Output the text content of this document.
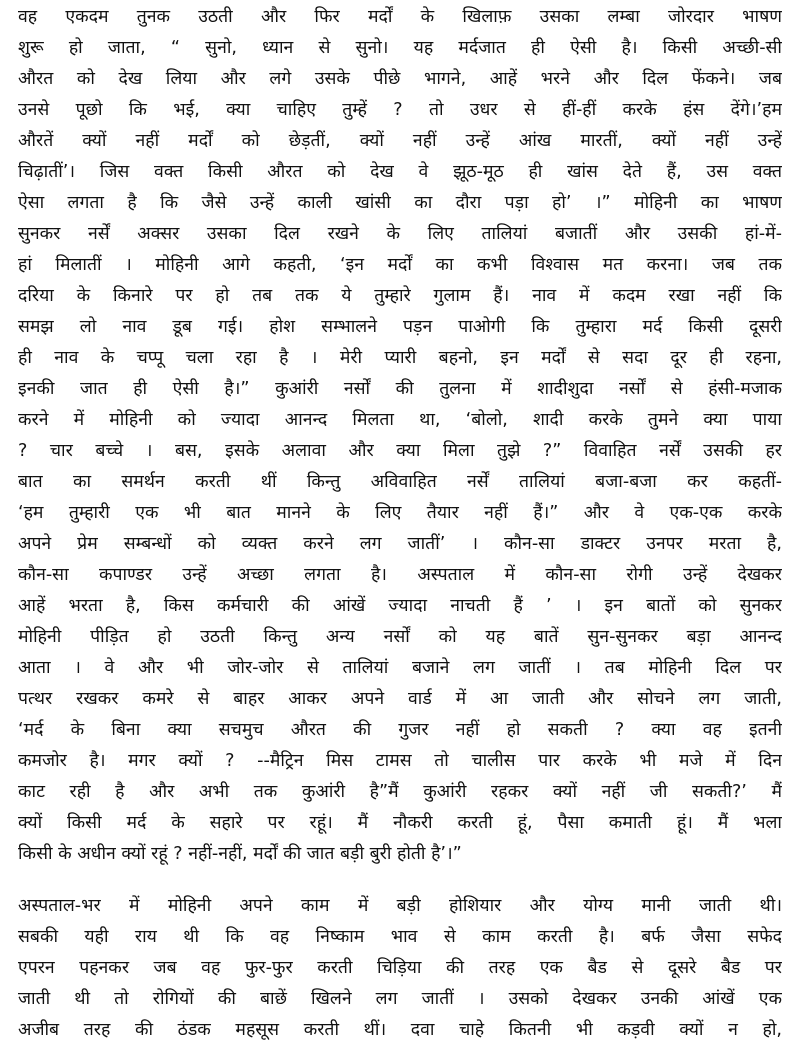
वह एकदम तुनक उठती और फिर मर्दों के खिलाफ़ उसका लम्बा जोरदार भाषण
शुरू हो जाता, “ सुनो, ध्यान से सुनो। यह मर्दजात ही ऐसी है। किसी अच्छी-सी
औरत को देख लिया और लगे उसके पीछे भागने, आहें भरने और दिल फेंकने। जब
उनसे पूछो कि भई, क्या चाहिए तुम्हें ? तो उधर से हीं-हीं करके हंस देंगे।’हम
औरतें क्यों नहीं मर्दों को छेड़तीं, क्यों नहीं उन्हें आंख मारतीं, क्यों नहीं उन्हें
चिढ़ातीं’। जिस वक्त किसी औरत को देख वे झूठ-मूठ ही खांस देते हैं, उस वक्त
ऐसा लगता है कि जैसे उन्हें काली खांसी का दौरा पड़ा हो’ ।” मोहिनी का भाषण
सुनकर नर्सें अक्सर उसका दिल रखने के लिए तालियां बजातीं और उसकी हां-में-
हां मिलातीं । मोहिनी आगे कहती, ‘इन मर्दों का कभी विश्वास मत करना। जब तक
दरिया के किनारे पर हो तब तक ये तुम्हारे गुलाम हैं। नाव में कदम रखा नहीं कि
समझ लो नाव डूब गई। होश सम्भालने पड़न पाओगी कि तुम्हारा मर्द किसी दूसरी
ही नाव के चप्पू चला रहा है । मेरी प्यारी बहनो, इन मर्दों से सदा दूर ही रहना,
इनकी जात ही ऐसी है।” कुआंरी नर्सों की तुलना में शादीशुदा नर्सों से हंसी-मजाक
करने में मोहिनी को ज्यादा आनन्द मिलता था, ‘बोलो, शादी करके तुमने क्या पाया
? चार बच्चे । बस, इसके अलावा और क्या मिला तुझे ?” विवाहित नर्सें उसकी हर
बात का समर्थन करती थीं किन्तु अविवाहित नर्सें तालियां बजा-बजा कर कहतीं-
‘हम तुम्हारी एक भी बात मानने के लिए तैयार नहीं हैं।” और वे एक-एक करके
अपने प्रेम सम्बन्धों को व्यक्त करने लग जातीं’ । कौन-सा डाक्टर उनपर मरता है,
कौन-सा कपाण्डर उन्हें अच्छा लगता है। अस्पताल में कौन-सा रोगी उन्हें देखकर
आहें भरता है, किस कर्मचारी की आंखें ज्यादा नाचती हैं ’ । इन बातों को सुनकर
मोहिनी पीड़ित हो उठती किन्तु अन्य नर्सों को यह बातें सुन-सुनकर बड़ा आनन्द
आता । वे और भी जोर-जोर से तालियां बजाने लग जातीं । तब मोहिनी दिल पर
पत्थर रखकर कमरे से बाहर आकर अपने वार्ड में आ जाती और सोचने लग जाती,
‘मर्द के बिना क्या सचमुच औरत की गुजर नहीं हो सकती ? क्या वह इतनी
कमजोर है। मगर क्यों ? --मैट्रिन मिस टामस तो चालीस पार करके भी मजे में दिन
काट रही है और अभी तक कुआंरी है”मैं कुआंरी रहकर क्यों नहीं जी सकती?’ मैं
क्यों किसी मर्द के सहारे पर रहूं। मैं नौकरी करती हूं, पैसा कमाती हूं। मैं भला
किसी के अधीन क्यों रहूं ? नहीं-नहीं, मर्दों की जात बड़ी बुरी होती है’।”
अस्पताल-भर में मोहिनी अपने काम में बड़ी होशियार और योग्य मानी जाती थी।
सबकी यही राय थी कि वह निष्काम भाव से काम करती है। बर्फ जैसा सफेद
एपरन पहनकर जब वह फुर-फुर करती चिड़िया की तरह एक बैड से दूसरे बैड पर
जाती थी तो रोगियों की बाछें खिलने लग जातीं । उसको देखकर उनकी आंखें एक
अजीब तरह की ठंडक महसूस करती थीं। दवा चाहे कितनी भी कड़वी क्यों न हो,
